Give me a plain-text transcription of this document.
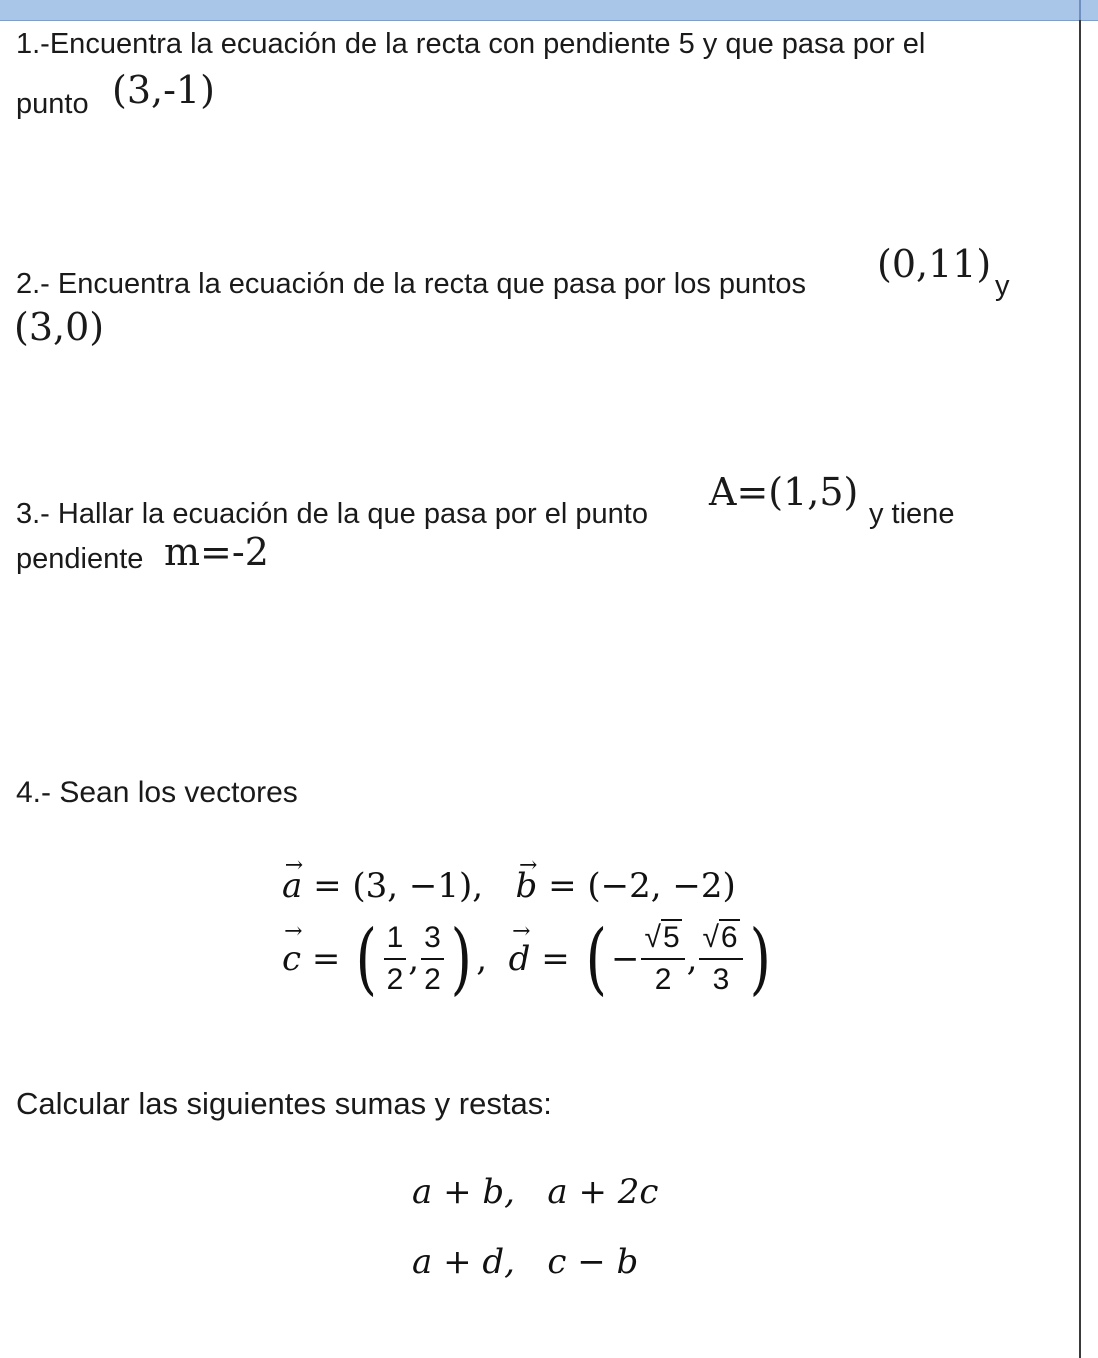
1.-Encuentra la ecuación de la recta con pendiente 5 y que pasa por el
punto (3,-1)
2.- Encuentra la ecuación de la recta que pasa por los puntos (0,11) y
(3,0)
3.- Hallar la ecuación de la que pasa por el punto A=(1,5) y tiene
pendiente m=-2
4.- Sean los vectores
→ a = (3, −1),   → b = (−2, −2)
→ c = ( $\frac{1}{2}$ , $\frac{3}{2}$ ) ,  → d = ( − $\frac{√5}{2}$ , $\frac{√6}{3}$ )
Calcular las siguientes sumas y restas:
a + b, a + 2c
a + d, c − b
